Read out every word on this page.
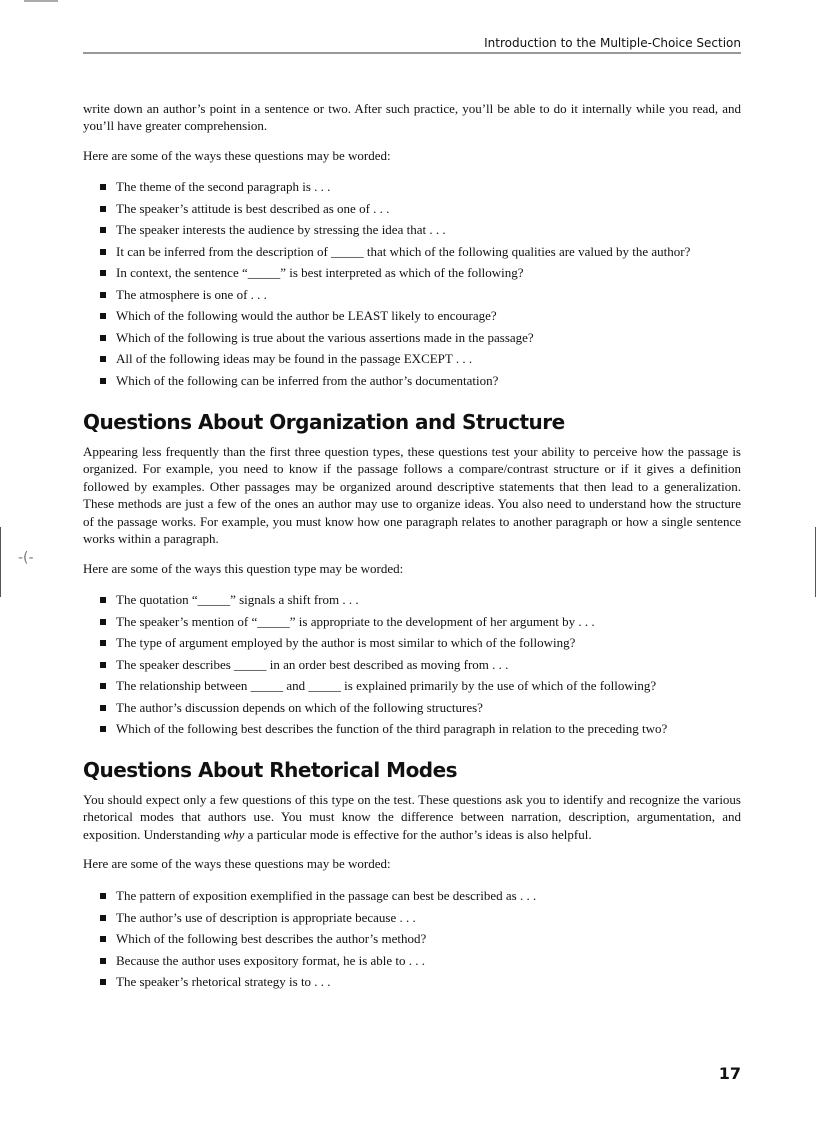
-(-
Introduction to the Multiple-Choice Section
write down an author’s point in a sentence or two. After such practice, you’ll be able to do it internally while you read, and you’ll have greater comprehension.
Here are some of the ways these questions may be worded:
The theme of the second paragraph is . . .
The speaker’s attitude is best described as one of . . .
The speaker interests the audience by stressing the idea that . . .
It can be inferred from the description of _____ that which of the following qualities are valued by the author?
In context, the sentence “_____” is best interpreted as which of the following?
The atmosphere is one of . . .
Which of the following would the author be LEAST likely to encourage?
Which of the following is true about the various assertions made in the passage?
All of the following ideas may be found in the passage EXCEPT . . .
Which of the following can be inferred from the author’s documentation?
Questions About Organization and Structure
Appearing less frequently than the first three question types, these questions test your ability to perceive how the passage is organized. For example, you need to know if the passage follows a compare/contrast structure or if it gives a definition followed by examples. Other passages may be organized around descriptive statements that then lead to a generalization. These methods are just a few of the ones an author may use to organize ideas. You also need to understand how the structure of the passage works. For example, you must know how one paragraph relates to another paragraph or how a single sentence works within a paragraph.
Here are some of the ways this question type may be worded:
The quotation “_____” signals a shift from . . .
The speaker’s mention of “_____” is appropriate to the development of her argument by . . .
The type of argument employed by the author is most similar to which of the following?
The speaker describes _____ in an order best described as moving from . . .
The relationship between _____ and _____ is explained primarily by the use of which of the following?
The author’s discussion depends on which of the following structures?
Which of the following best describes the function of the third paragraph in relation to the preceding two?
Questions About Rhetorical Modes
You should expect only a few questions of this type on the test. These questions ask you to identify and recognize the various rhetorical modes that authors use. You must know the difference between narration, description, argumentation, and exposition. Understanding why a particular mode is effective for the author’s ideas is also helpful.
Here are some of the ways these questions may be worded:
The pattern of exposition exemplified in the passage can best be described as . . .
The author’s use of description is appropriate because . . .
Which of the following best describes the author’s method?
Because the author uses expository format, he is able to . . .
The speaker’s rhetorical strategy is to . . .
17
